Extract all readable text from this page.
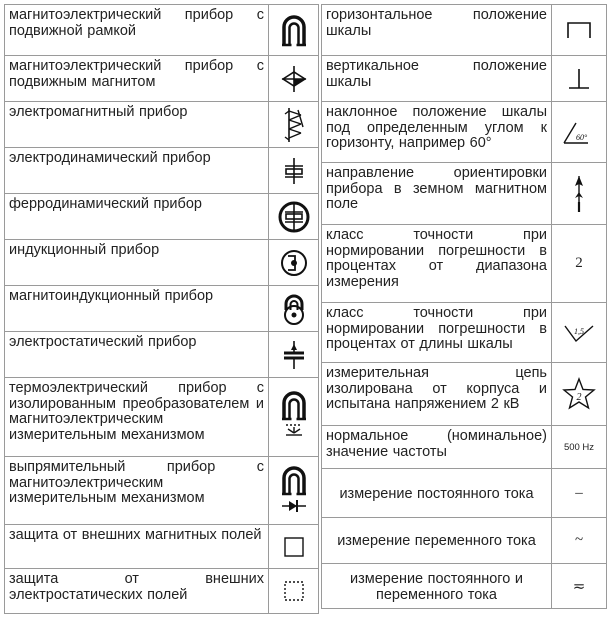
магнитоэлектрический прибор с подвижной рамкой	

магнитоэлектрический прибор с подвижным магнитом	

электромагнитный прибор	

электродинамический прибор	

ферродинамический прибор	

индукционный прибор	

магнитоиндукционный прибор	

электростатический прибор	

термоэлектрический прибор с изолированным преобразователем и магнитоэлектрическим измерительным механизмом	

выпрямительный прибор с магнитоэлектрическим измерительным механизмом	

защита от внешних магнитных полей	

защита от внешних электростатических полей	
горизонтальное положение шкалы	

вертикальное положение шкалы	

наклонное положение шкалы под определенным углом к горизонту, например 60°	60°

направление ориентировки прибора в земном магнитном поле	

класс точности при нормировании погрешности в процентах от диапазона измерения	2
класс точности при нормировании погрешности в процентах от длины шкалы	1,5

измерительная цепь изолирована от корпуса и испытана напряжением 2 кВ	2

нормальное (номинальное) значение частоты	500 Hz
измерение постоянного тока	–
измерение переменного тока	~
измерение постоянного и переменного тока	≂
